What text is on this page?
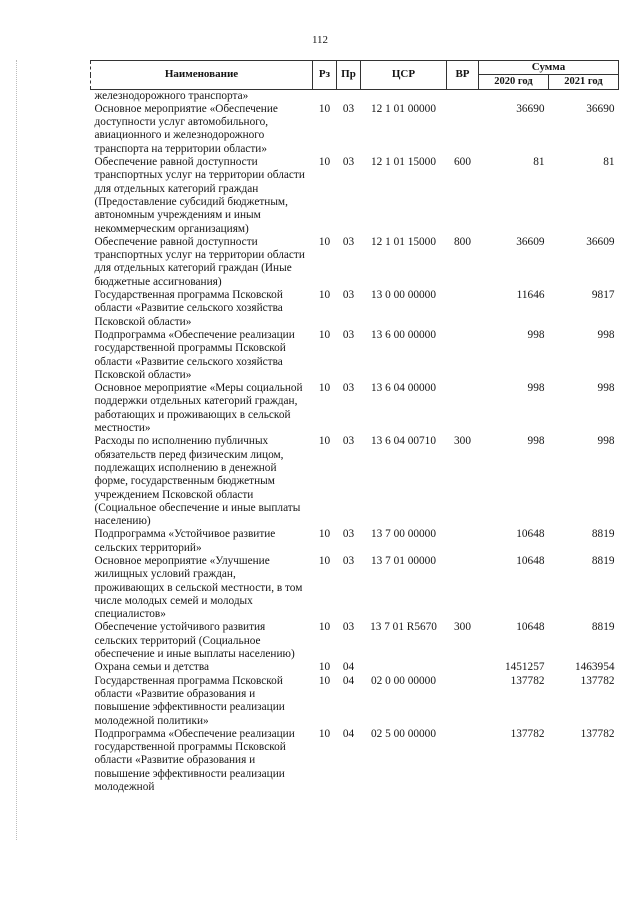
112
Наименование	Рз	Пр	ЦСР	ВР	Сумма	
					2020 год	2021 год
железнодорожного транспорта»						
Основное мероприятие «Обеспечение доступности услуг автомобильного, авиационного и железнодорожного транспорта на территории области»	10	03	12 1 01 00000		36690	36690
Обеспечение равной доступности транспортных услуг на территории области для отдельных категорий граждан (Предоставление субсидий бюджетным, автономным учреждениям и иным некоммерческим организациям)	10	03	12 1 01 15000	600	81	81
Обеспечение равной доступности транспортных услуг на территории области для отдельных категорий граждан (Иные бюджетные ассигнования)	10	03	12 1 01 15000	800	36609	36609
Государственная программа Псковской области «Развитие сельского хозяйства Псковской области»	10	03	13 0 00 00000		11646	9817
Подпрограмма «Обеспечение реализации государственной программы Псковской области «Развитие сельского хозяйства Псковской области»	10	03	13 6 00 00000		998	998
Основное мероприятие «Меры социальной поддержки отдельных категорий граждан, работающих и проживающих в сельской местности»	10	03	13 6 04 00000		998	998
Расходы по исполнению публичных обязательств перед физическим лицом, подлежащих исполнению в денежной форме, государственным бюджетным учреждением Псковской области (Социальное обеспечение и иные выплаты населению)	10	03	13 6 04 00710	300	998	998
Подпрограмма «Устойчивое развитие сельских территорий»	10	03	13 7 00 00000		10648	8819
Основное мероприятие «Улучшение жилищных условий граждан, проживающих в сельской местности, в том числе молодых семей и молодых специалистов»	10	03	13 7 01 00000		10648	8819
Обеспечение устойчивого развития сельских территорий (Социальное обеспечение и иные выплаты населению)	10	03	13 7 01 R5670	300	10648	8819
Охрана семьи и детства	10	04			1451257	1463954
Государственная программа Псковской области «Развитие образования и повышение эффективности реализации молодежной политики»	10	04	02 0 00 00000		137782	137782
Подпрограмма «Обеспечение реализации государственной программы Псковской области «Развитие образования и повышение эффективности реализации молодежной	10	04	02 5 00 00000		137782	137782
